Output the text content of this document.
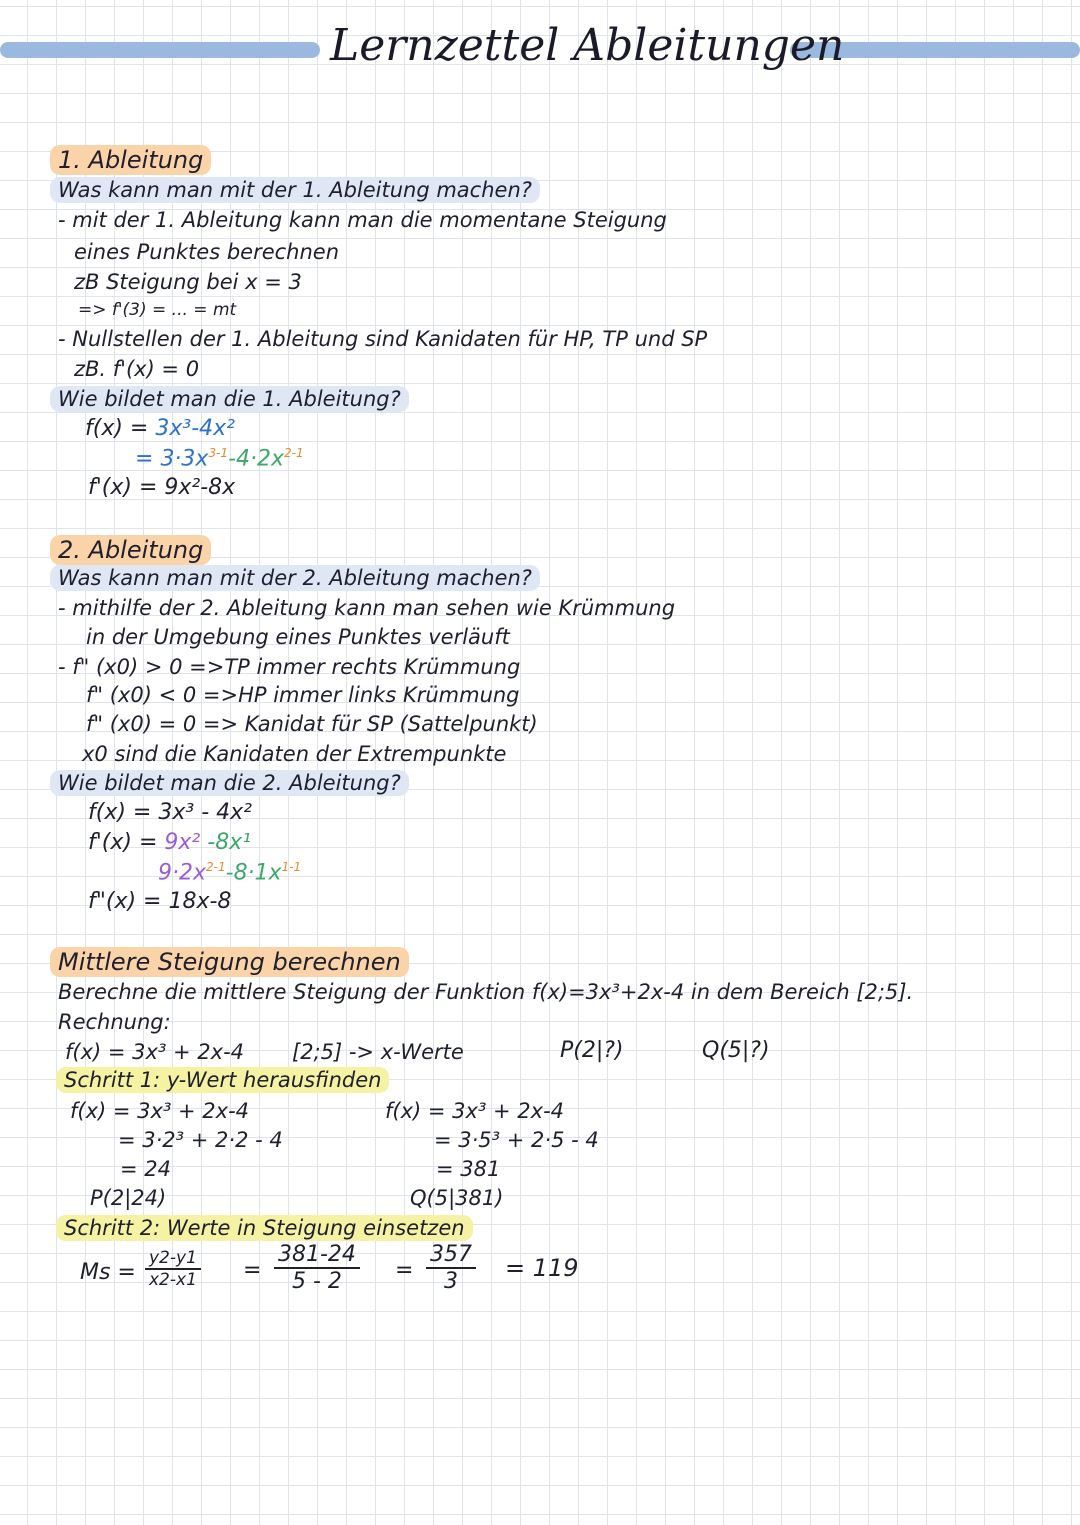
Lernzettel Ableitungen
1. Ableitung
Was kann man mit der 1. Ableitung machen?
- mit der 1. Ableitung kann man die momentane Steigung
eines Punktes berechnen
zB Steigung bei x = 3
=> f'(3) = ... = mt
- Nullstellen der 1. Ableitung sind Kanidaten für HP, TP und SP
zB. f'(x) = 0
Wie bildet man die 1. Ableitung?
f(x) = 3x³-4x²
= $3\cdot 3x^{3-1}-4\cdot 2x^{2-1}$
f'(x) = 9x²-8x
2. Ableitung
Was kann man mit der 2. Ableitung machen?
- mithilfe der 2. Ableitung kann man sehen wie Krümmung
in der Umgebung eines Punktes verläuft
- f" (x0) > 0 =>TP immer rechts Krümmung
f" (x0) < 0 =>HP immer links Krümmung
f" (x0) = 0 => Kanidat für SP (Sattelpunkt)
x0 sind die Kanidaten der Extrempunkte
Wie bildet man die 2. Ableitung?
f(x) = 3x³ - 4x²
f'(x) = 9x² -8x¹
$9\cdot 2x^{2-1}-8\cdot 1x^{1-1}$
f"(x) = 18x-8
Mittlere Steigung berechnen
Berechne die mittlere Steigung der Funktion f(x)=3x³+2x-4 in dem Bereich [2;5].
Rechnung:
f(x) = 3x³ + 2x-4 [2;5] -> x-Werte	P(2|?)	Q(5|?)
Schritt 1: y-Wert herausfinden
f(x) = 3x³ + 2x-4
= 3·2³ + 2·2 - 4
= 24
P(2|24)
f(x) = 3x³ + 2x-4
= 3·5³ + 2·5 - 4
= 381
Q(5|381)
Schritt 2: Werte in Steigung einsetzen
$Ms = \frac{y2-y1}{x2-x1} = \frac{381-24}{5 - 2} = \frac{357}{3} = 119$
